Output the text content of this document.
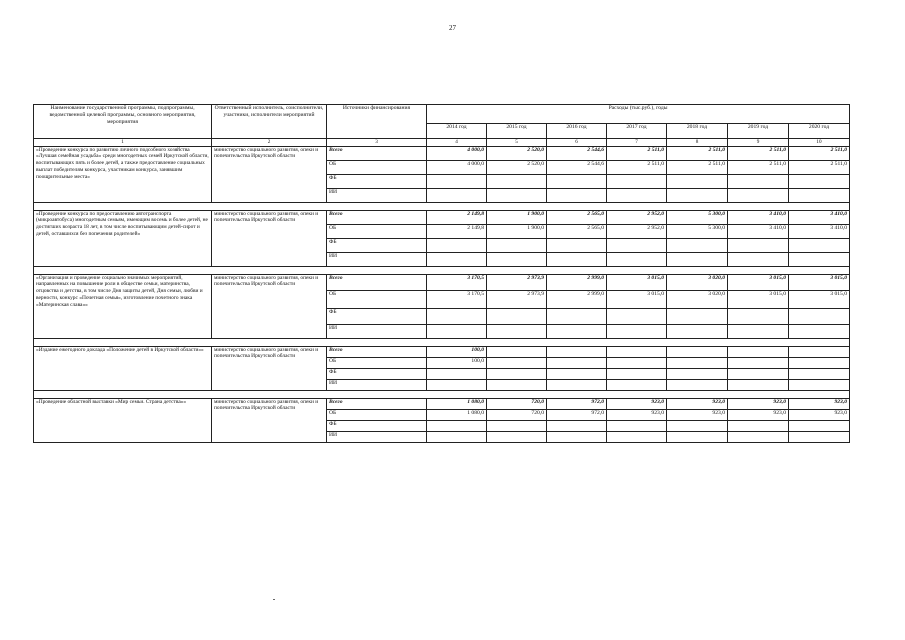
27
Наименование государственной программы, подпрограммы, ведомственной целевой программы, основного мероприятия, мероприятия	Ответственный исполнитель, соисполнители, участники, исполнители мероприятий	Источники финансирования	Расходы (тыс.руб.), годы						
			2014 год	2015 год	2016 год	2017 год	2018 год	2019 год	2020 год
1	2	3	4	5	6	7	8	9	10
«Проведение конкурса по развитию личного подсобного хозяйства «Лучшая семейная усадьба» среди многодетных семей Иркутской области, воспитывающих пять и более детей, а также предоставление социальных выплат победителям конкурса, участникам конкурса, занявшим поощрительные места»	министерство социального развития, опеки и попечительства Иркутской области	Всего	4 000,0	2 520,0	2 544,6	2 511,0	2 511,0	2 511,0	2 511,0
		ОБ	4 000,0	2 520,0	2 544,6	2 511,0	2 511,0	2 511,0	2 511,0
		ФБ							
		ИИ							

«Проведение конкурса по предоставлению автотранспорта (микроавтобуса) многодетным семьям, имеющим восемь и более детей, не достигших возраста 18 лет, в том числе воспитывающим детей-сирот и детей, оставшихся без попечения родителей»	министерство социального развития, опеки и попечительства Иркутской области	Всего	2 149,8	1 900,0	2 565,0	2 952,0	5 300,0	3 410,0	3 410,0
		ОБ	2 149,8	1 900,0	2 565,0	2 952,0	5 300,0	3 410,0	3 410,0
		ФБ							
		ИИ							

«Организация и проведение социально значимых мероприятий, направленных на повышение роли в обществе семьи, материнства, отцовства и детства, в том числе Дня защиты детей, Дня семьи, любви и верности, конкурс «Почетная семья», изготовление почетного знака «Материнская слава»»	министерство социального развития, опеки и попечительства Иркутской области	Всего	3 170,5	2 973,9	2 999,0	3 015,0	3 020,0	3 015,0	3 015,0
		ОБ	3 170,5	2 973,9	2 999,0	3 015,0	3 020,0	3 015,0	3 015,0
		ФБ							
		ИИ							

«Издание ежегодного доклада «Положение детей в Иркутской области»»	министерство социального развития, опеки и попечительства Иркутской области	Всего	100,0						
		ОБ	100,0						
		ФБ							
		ИИ							

«Проведение областной выставки «Мир семьи. Страна детства»»	министерство социального развития, опеки и попечительства Иркутской области	Всего	1 080,0	720,0	972,0	923,0	923,0	923,0	923,0
		ОБ	1 080,0	720,0	972,0	923,0	923,0	923,0	923,0
		ФБ							
		ИИ							
